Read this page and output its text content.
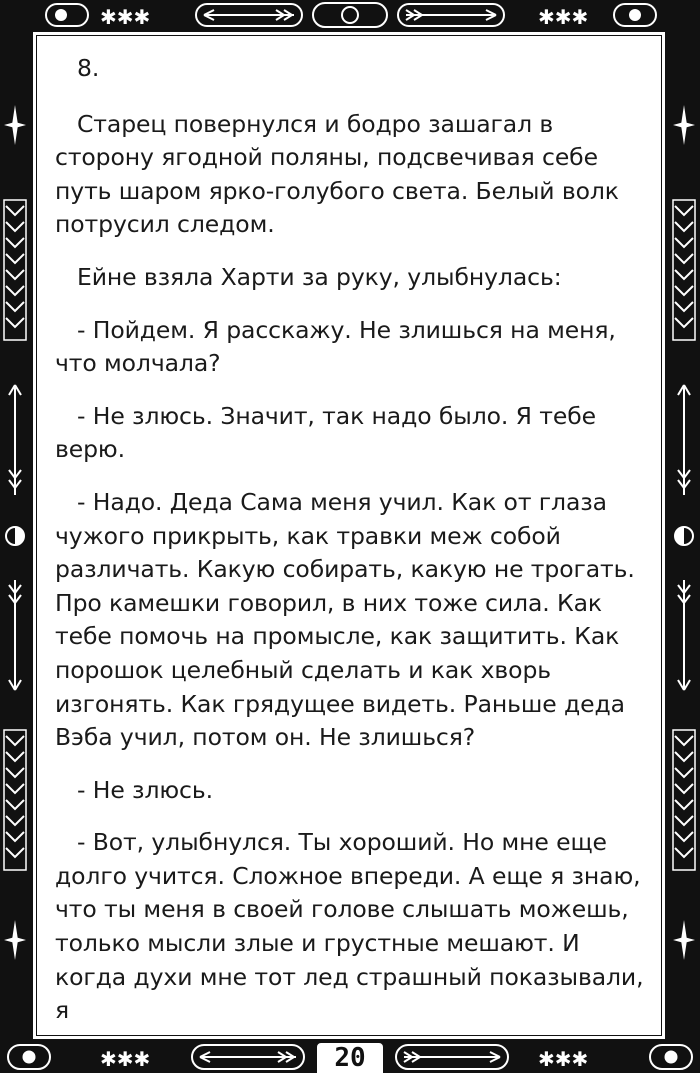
✱✱✱	✱✱✱
✱✱✱	✱✱✱

8.

Старец повернулся и бодро зашагал в сторону ягодной поляны, подсвечивая себе путь шаром ярко-голубого света. Белый волк потрусил следом.

Ейне взяла Харти за руку, улыбнулась:

- Пойдем. Я расскажу. Не злишься на меня, что молчала?

- Не злюсь. Значит, так надо было. Я тебе верю.

- Надо. Деда Сама меня учил. Как от глаза чужого прикрыть, как травки меж собой различать. Какую собирать, какую не трогать. Про камешки говорил, в них тоже сила. Как тебе помочь на промысле, как защитить. Как порошок целебный сделать и как хворь изгонять. Как грядущее видеть. Раньше деда Вэба учил, потом он. Не злишься?

- Не злюсь.

- Вот, улыбнулся. Ты хороший. Но мне еще долго учится. Сложное впереди. А еще я знаю, что ты меня в своей голове слышать можешь, только мысли злые и грустные мешают. И когда духи мне тот лед страшный показывали, я

20
